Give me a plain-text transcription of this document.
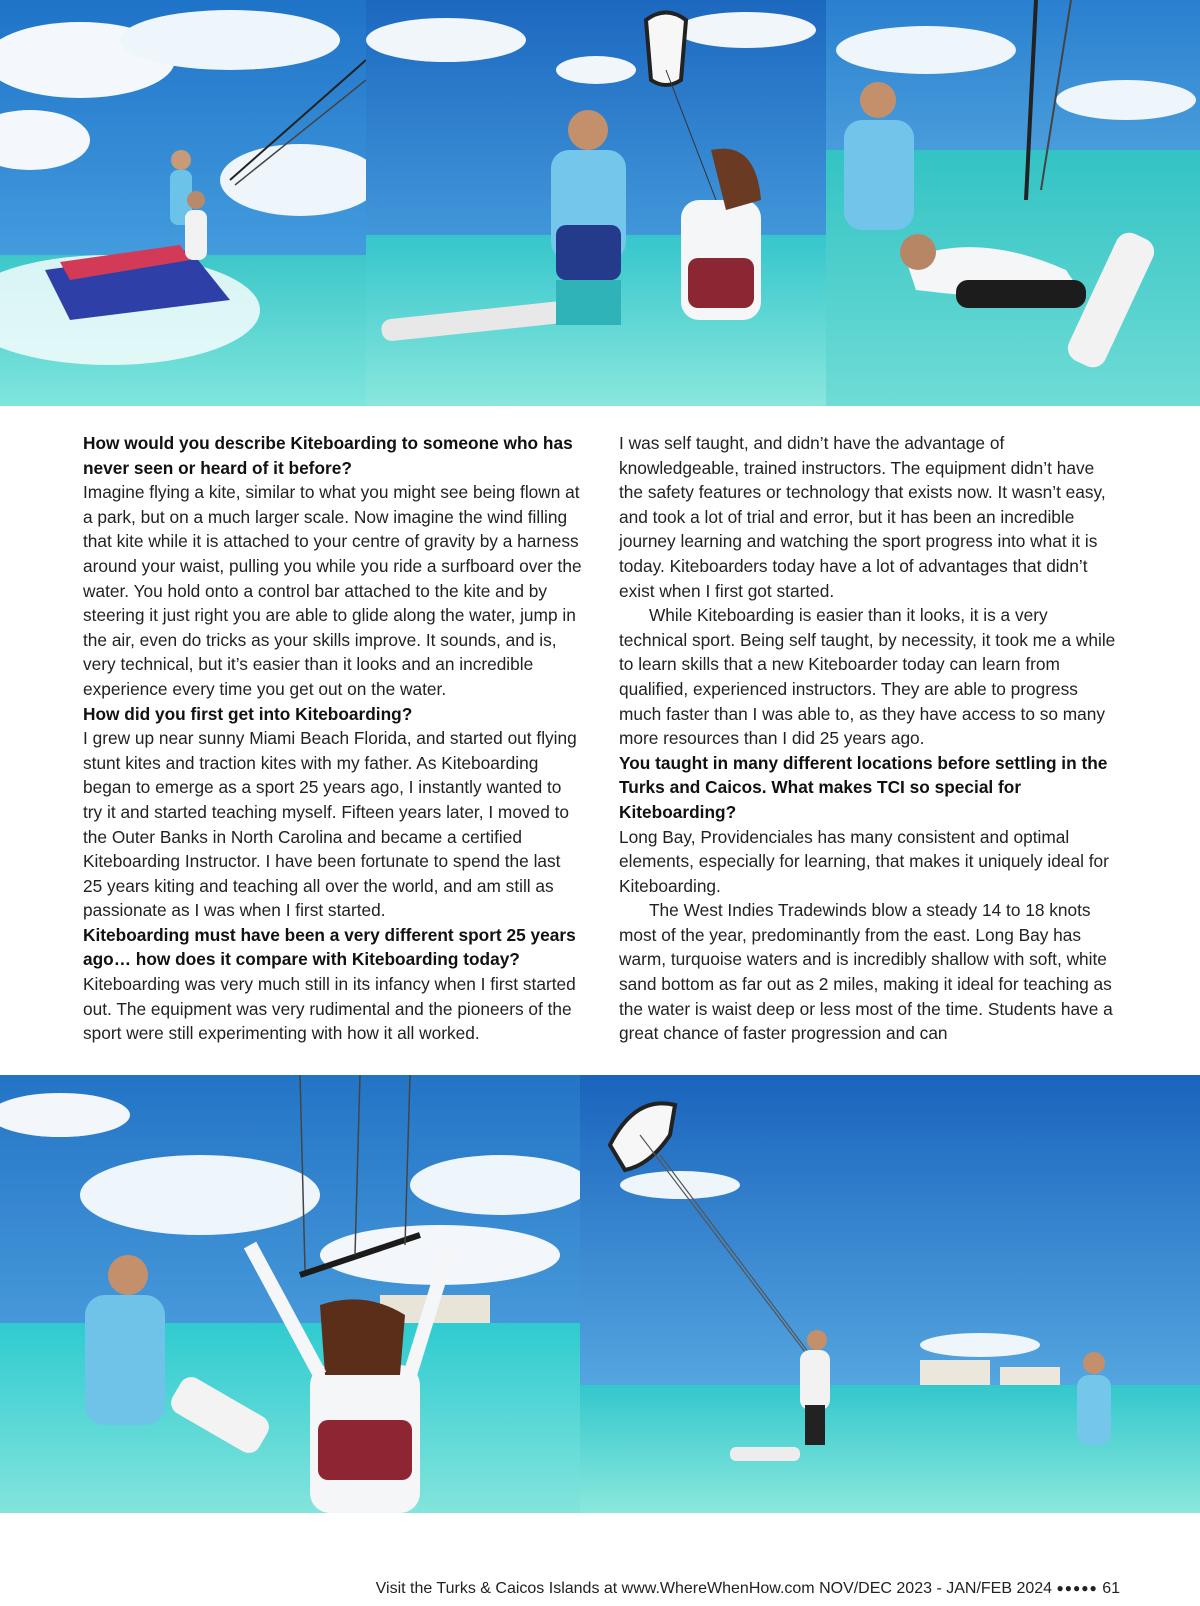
How would you describe Kiteboarding to someone who has never seen or heard of it before?

Imagine flying a kite, similar to what you might see being flown at a park, but on a much larger scale. Now imagine the wind filling that kite while it is attached to your centre of gravity by a harness around your waist, pulling you while you ride a surfboard over the water. You hold onto a control bar attached to the kite and by steering it just right you are able to glide along the water, jump in the air, even do tricks as your skills improve. It sounds, and is, very technical, but it’s easier than it looks and an incredible experience every time you get out on the water.

How did you first get into Kiteboarding?

I grew up near sunny Miami Beach Florida, and started out flying stunt kites and traction kites with my father. As Kiteboarding began to emerge as a sport 25 years ago, I instantly wanted to try it and started teaching myself. Fifteen years later, I moved to the Outer Banks in North Carolina and became a certified Kiteboarding Instructor. I have been fortunate to spend the last 25 years kiting and teaching all over the world, and am still as passionate as I was when I first started.

Kiteboarding must have been a very different sport 25 years ago… how does it compare with Kiteboarding today?

Kiteboarding was very much still in its infancy when I first started out. The equipment was very rudimental and the pioneers of the sport were still experimenting with how it all worked.

I was self taught, and didn’t have the advantage of knowledgeable, trained instructors. The equipment didn’t have the safety features or technology that exists now. It wasn’t easy, and took a lot of trial and error, but it has been an incredible journey learning and watching the sport progress into what it is today. Kiteboarders today have a lot of advantages that didn’t exist when I first got started.

While Kiteboarding is easier than it looks, it is a very technical sport. Being self taught, by necessity, it took me a while to learn skills that a new Kiteboarder today can learn from qualified, experienced instructors. They are able to progress much faster than I was able to, as they have access to so many more resources than I did 25 years ago.

You taught in many different locations before settling in the Turks and Caicos. What makes TCI so special for Kiteboarding?

Long Bay, Providenciales has many consistent and optimal elements, especially for learning, that makes it uniquely ideal for Kiteboarding.

The West Indies Tradewinds blow a steady 14 to 18 knots most of the year, predominantly from the east. Long Bay has warm, turquoise waters and is incredibly shallow with soft, white sand bottom as far out as 2 miles, making it ideal for teaching as the water is waist deep or less most of the time. Students have a great chance of faster progression and can

Visit the Turks & Caicos Islands at www.WhereWhenHow.com NOV/DEC 2023 - JAN/FEB 2024 ●●●●● 61
